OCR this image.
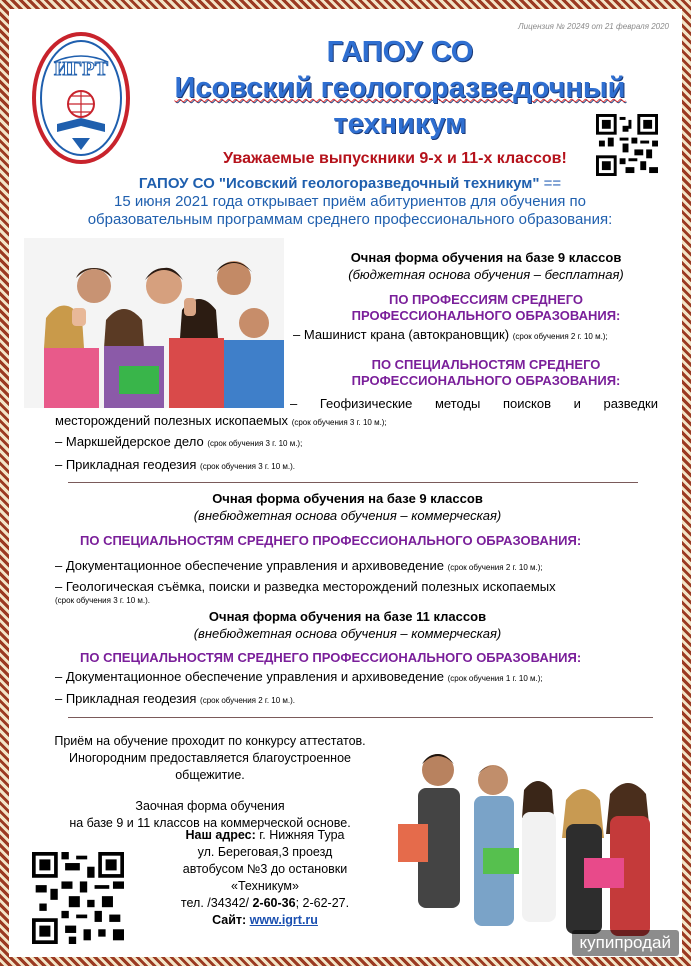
Лицензия № 20249 от 21 февраля 2020
ИГРТ
ГАПОУ СО
Исовский геологоразведочный
техникум
Уважаемые выпускники 9-х и 11-х классов!
ГАПОУ СО "Исовский геологоразведочный техникум" ==
15 июня 2021 года открывает приём абитуриентов для обучения по
образовательным программам среднего профессионального образования:
Очная форма обучения на базе 9 классов
(бюджетная основа обучения – бесплатная)
ПО ПРОФЕССИЯМ СРЕДНЕГО
ПРОФЕССИОНАЛЬНОГО ОБРАЗОВАНИЯ:
– Машинист крана (автокрановщик) (срок обучения 2 г. 10 м.);
ПО СПЕЦИАЛЬНОСТЯМ СРЕДНЕГО
ПРОФЕССИОНАЛЬНОГО ОБРАЗОВАНИЯ:
– Геофизические методы поисков и разведки
месторождений полезных ископаемых (срок обучения 3 г. 10 м.);
– Маркшейдерское дело (срок обучения 3 г. 10 м.);
– Прикладная геодезия (срок обучения 3 г. 10 м.).
Очная форма обучения на базе 9 классов
(внебюджетная основа обучения – коммерческая)
ПО СПЕЦИАЛЬНОСТЯМ СРЕДНЕГО ПРОФЕССИОНАЛЬНОГО ОБРАЗОВАНИЯ:
– Документационное обеспечение управления и архивоведение (срок обучения 2 г. 10 м.);
– Геологическая съёмка, поиски и разведка месторождений полезных ископаемых
(срок обучения 3 г. 10 м.).
Очная форма обучения на базе 11 классов
(внебюджетная основа обучения – коммерческая)
ПО СПЕЦИАЛЬНОСТЯМ СРЕДНЕГО ПРОФЕССИОНАЛЬНОГО ОБРАЗОВАНИЯ:
– Документационное обеспечение управления и архивоведение (срок обучения 1 г. 10 м.);
– Прикладная геодезия (срок обучения 2 г. 10 м.).
Приём на обучение проходит по конкурсу аттестатов.
Иногородним предоставляется благоустроенное
общежитие.
Заочная форма обучения
на базе 9 и 11 классов на коммерческой основе.
Наш адрес: г. Нижняя Тура
ул. Береговая,3 проезд
автобусом №3 до остановки
«Техникум»
тел. /34342/ 2-60-36; 2-62-27.
Сайт: www.igrt.ru
купипродай
